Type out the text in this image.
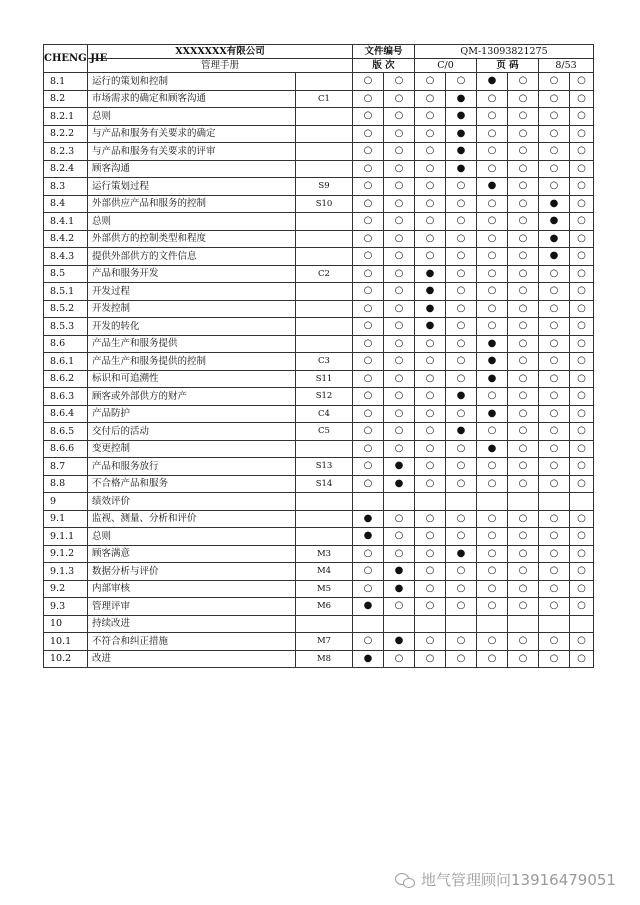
CHENG JIE	XXXXXXX有限公司		文件编号		QM-13093821275					
	管理手册		版 次		C/0		页 码		8/53	
8.1	运行的策划和控制		○	○	○	○	●	○	○	○
8.2	市场需求的确定和顾客沟通	C1	○	○	○	●	○	○	○	○
8.2.1	总则		○	○	○	●	○	○	○	○
8.2.2	与产品和服务有关要求的确定		○	○	○	●	○	○	○	○
8.2.3	与产品和服务有关要求的评审		○	○	○	●	○	○	○	○
8.2.4	顾客沟通		○	○	○	●	○	○	○	○
8.3	运行策划过程	S9	○	○	○	○	●	○	○	○
8.4	外部供应产品和服务的控制	S10	○	○	○	○	○	○	●	○
8.4.1	总则		○	○	○	○	○	○	●	○
8.4.2	外部供方的控制类型和程度		○	○	○	○	○	○	●	○
8.4.3	提供外部供方的文件信息		○	○	○	○	○	○	●	○
8.5	产品和服务开发	C2	○	○	●	○	○	○	○	○
8.5.1	开发过程		○	○	●	○	○	○	○	○
8.5.2	开发控制		○	○	●	○	○	○	○	○
8.5.3	开发的转化		○	○	●	○	○	○	○	○
8.6	产品生产和服务提供		○	○	○	○	●	○	○	○
8.6.1	产品生产和服务提供的控制	C3	○	○	○	○	●	○	○	○
8.6.2	标识和可追溯性	S11	○	○	○	○	●	○	○	○
8.6.3	顾客或外部供方的财产	S12	○	○	○	●	○	○	○	○
8.6.4	产品防护	C4	○	○	○	○	●	○	○	○
8.6.5	交付后的活动	C5	○	○	○	●	○	○	○	○
8.6.6	变更控制		○	○	○	○	●	○	○	○
8.7	产品和服务放行	S13	○	●	○	○	○	○	○	○
8.8	不合格产品和服务	S14	○	●	○	○	○	○	○	○
9	绩效评价									
9.1	监视、测量、分析和评价		●	○	○	○	○	○	○	○
9.1.1	总则		●	○	○	○	○	○	○	○
9.1.2	顾客满意	M3	○	○	○	●	○	○	○	○
9.1.3	数据分析与评价	M4	○	●	○	○	○	○	○	○
9.2	内部审核	M5	○	●	○	○	○	○	○	○
9.3	管理评审	M6	●	○	○	○	○	○	○	○
10	持续改进									
10.1	不符合和纠正措施	M7	○	●	○	○	○	○	○	○
10.2	改进	M8	●	○	○	○	○	○	○	○
地气管理顾问13916479051
